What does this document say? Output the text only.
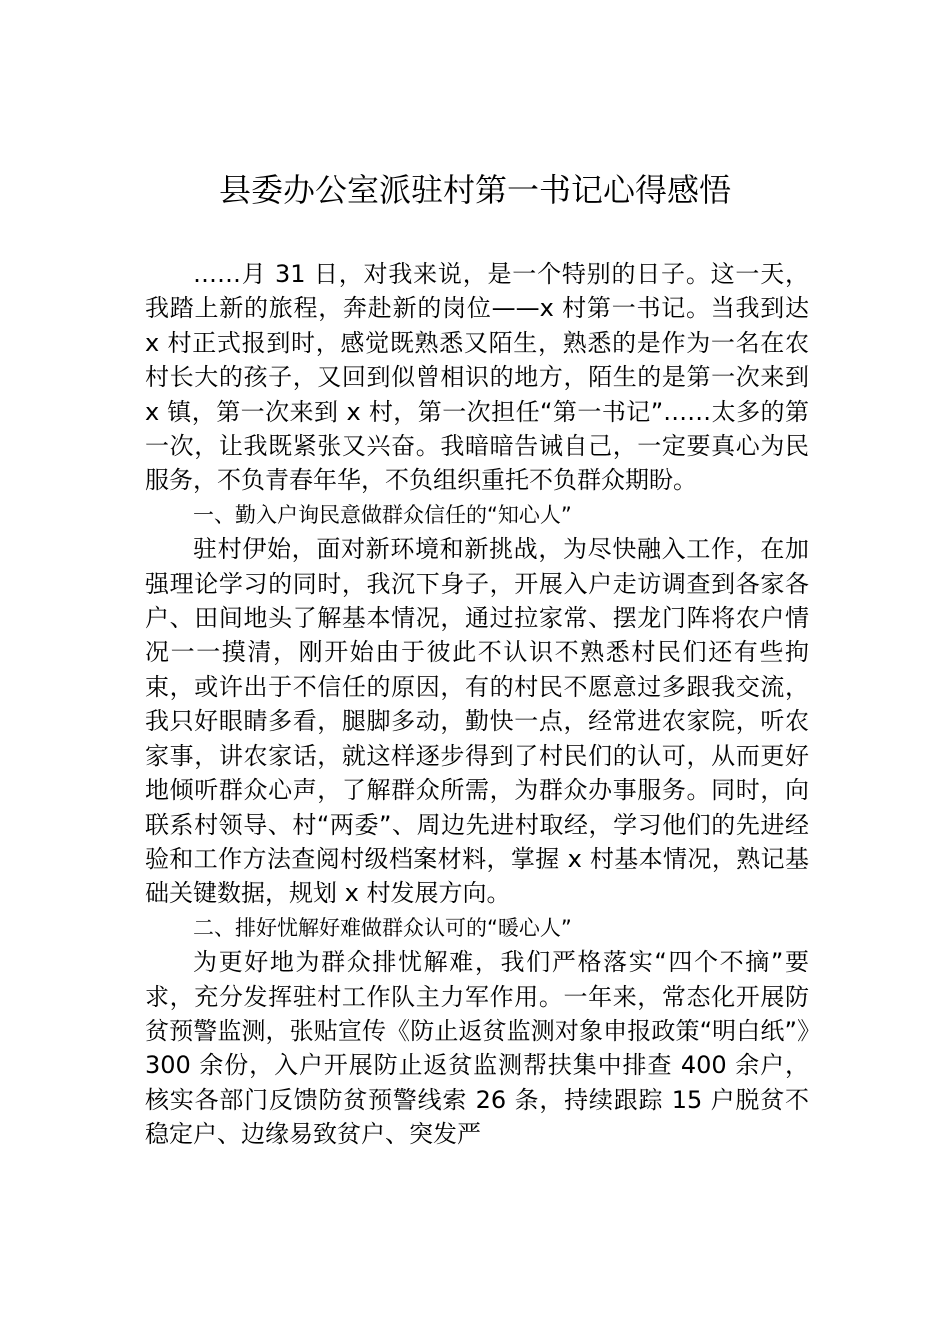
县委办公室派驻村第一书记心得感悟

……月 31 日，对我来说，是一个特别的日子。这一天，我踏上新的旅程，奔赴新的岗位——x 村第一书记。当我到达 x 村正式报到时，感觉既熟悉又陌生，熟悉的是作为一名在农村长大的孩子，又回到似曾相识的地方，陌生的是第一次来到 x 镇，第一次来到 x 村，第一次担任“第一书记”……太多的第一次，让我既紧张又兴奋。我暗暗告诫自己，一定要真心为民服务，不负青春年华，不负组织重托不负群众期盼。

一、勤入户询民意做群众信任的“知心人”

驻村伊始，面对新环境和新挑战，为尽快融入工作，在加强理论学习的同时，我沉下身子，开展入户走访调查到各家各户、田间地头了解基本情况，通过拉家常、摆龙门阵将农户情况一一摸清，刚开始由于彼此不认识不熟悉村民们还有些拘束，或许出于不信任的原因，有的村民不愿意过多跟我交流，我只好眼睛多看，腿脚多动，勤快一点，经常进农家院，听农家事，讲农家话，就这样逐步得到了村民们的认可，从而更好地倾听群众心声，了解群众所需，为群众办事服务。同时，向联系村领导、村“两委”、周边先进村取经，学习他们的先进经验和工作方法查阅村级档案材料，掌握 x 村基本情况，熟记基础关键数据，规划 x 村发展方向。

二、排好忧解好难做群众认可的“暖心人”

为更好地为群众排忧解难，我们严格落实“四个不摘”要求，充分发挥驻村工作队主力军作用。一年来，常态化开展防贫预警监测，张贴宣传《防止返贫监测对象申报政策“明白纸”》300 余份，入户开展防止返贫监测帮扶集中排查 400 余户，核实各部门反馈防贫预警线索 26 条，持续跟踪 15 户脱贫不稳定户、边缘易致贫户、突发严
